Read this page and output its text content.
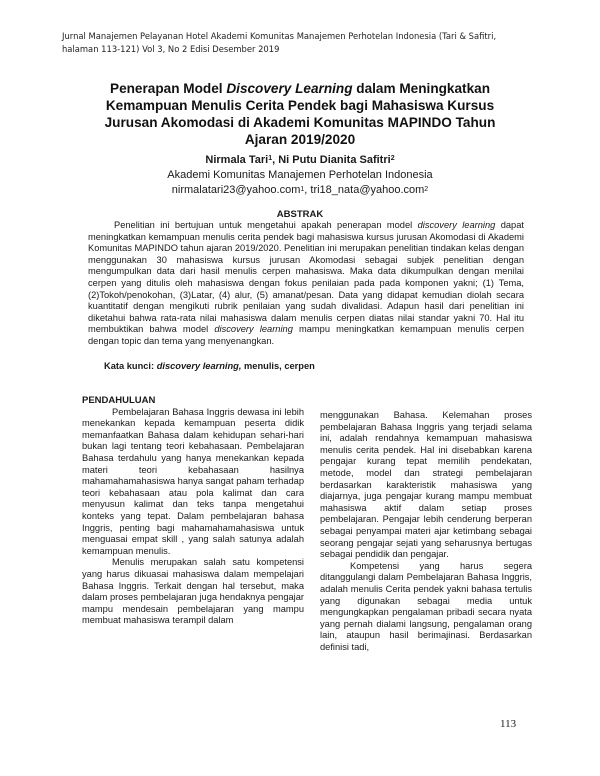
Jurnal Manajemen Pelayanan Hotel Akademi Komunitas Manajemen Perhotelan Indonesia (Tari & Safitri, halaman 113-121) Vol 3, No 2 Edisi Desember 2019

Penerapan Model Discovery Learning dalam Meningkatkan Kemampuan Menulis Cerita Pendek bagi Mahasiswa Kursus Jurusan Akomodasi di Akademi Komunitas MAPINDO Tahun Ajaran 2019/2020

Nirmala Tari$^1$, Ni Putu Dianita Safitri$^2$

Akademi Komunitas Manajemen Perhotelan Indonesia

nirmalatari23@yahoo.com$^1$, tri18_nata@yahoo.com$^2$

ABSTRAK

Penelitian ini bertujuan untuk mengetahui apakah penerapan model discovery learning dapat meningkatkan kemampuan menulis cerita pendek bagi mahasiswa kursus jurusan Akomodasi di Akademi Komunitas MAPINDO tahun ajaran 2019/2020. Penelitian ini merupakan penelitian tindakan kelas dengan menggunakan 30 mahasiswa kursus jurusan Akomodasi sebagai subjek penelitian dengan mengumpulkan data dari hasil menulis cerpen mahasiswa. Maka data dikumpulkan dengan menilai cerpen yang ditulis oleh mahasiswa dengan fokus penilaian pada pada komponen yakni; (1) Tema, (2)Tokoh/penokohan, (3)Latar, (4) alur, (5) amanat/pesan. Data yang didapat kemudian diolah secara kuantitatif dengan mengikuti rubrik penilaian yang sudah divalidasi. Adapun hasil dari penelitian ini diketahui bahwa rata-rata nilai mahasiswa dalam menulis cerpen diatas nilai standar yakni 70. Hal itu membuktikan bahwa model discovery learning mampu meningkatkan kemampuan menulis cerpen dengan topic dan tema yang menyenangkan.

Kata kunci: discovery learning, menulis, cerpen

PENDAHULUAN

Pembelajaran Bahasa Inggris dewasa ini lebih menekankan kepada kemampuan peserta didik memanfaatkan Bahasa dalam kehidupan sehari-hari bukan lagi tentang teori kebahasaan. Pembelajaran Bahasa terdahulu yang hanya menekankan kepada materi teori kebahasaan hasilnya mahamahamahasiswa hanya sangat paham terhadap teori kebahasaan atau pola kalimat dan cara menyusun kalimat dan teks tanpa mengetahui konteks yang tepat. Dalam pembelajaran bahasa Inggris, penting bagi mahamahamahasiswa untuk menguasai empat skill , yang salah satunya adalah kemampuan menulis.

Menulis merupakan salah satu kompetensi yang harus dikuasai mahasiswa dalam mempelajari Bahasa Inggris. Terkait dengan hal tersebut, maka dalam proses pembelajaran juga hendaknya pengajar mampu mendesain pembelajaran yang mampu membuat mahasiswa terampil dalam

menggunakan Bahasa. Kelemahan proses pembelajaran Bahasa Inggris yang terjadi selama ini, adalah rendahnya kemampuan mahasiswa menulis cerita pendek. Hal ini disebabkan karena pengajar kurang tepat memilih pendekatan, metode, model dan strategi pembelajaran berdasarkan karakteristik mahasiswa yang diajarnya, juga pengajar kurang mampu membuat mahasiswa aktif dalam setiap proses pembelajaran. Pengajar lebih cenderung berperan sebagai penyampai materi ajar ketimbang sebagai seorang pengajar sejati yang seharusnya bertugas sebagai pendidik dan pengajar.

Kompetensi yang harus segera ditanggulangi dalam Pembelajaran Bahasa Inggris, adalah menulis Cerita pendek yakni bahasa tertulis yang digunakan sebagai media untuk mengungkapkan pengalaman pribadi secara nyata yang pernah dialami langsung, pengalaman orang lain, ataupun hasil berimajinasi. Berdasarkan definisi tadi,

113
